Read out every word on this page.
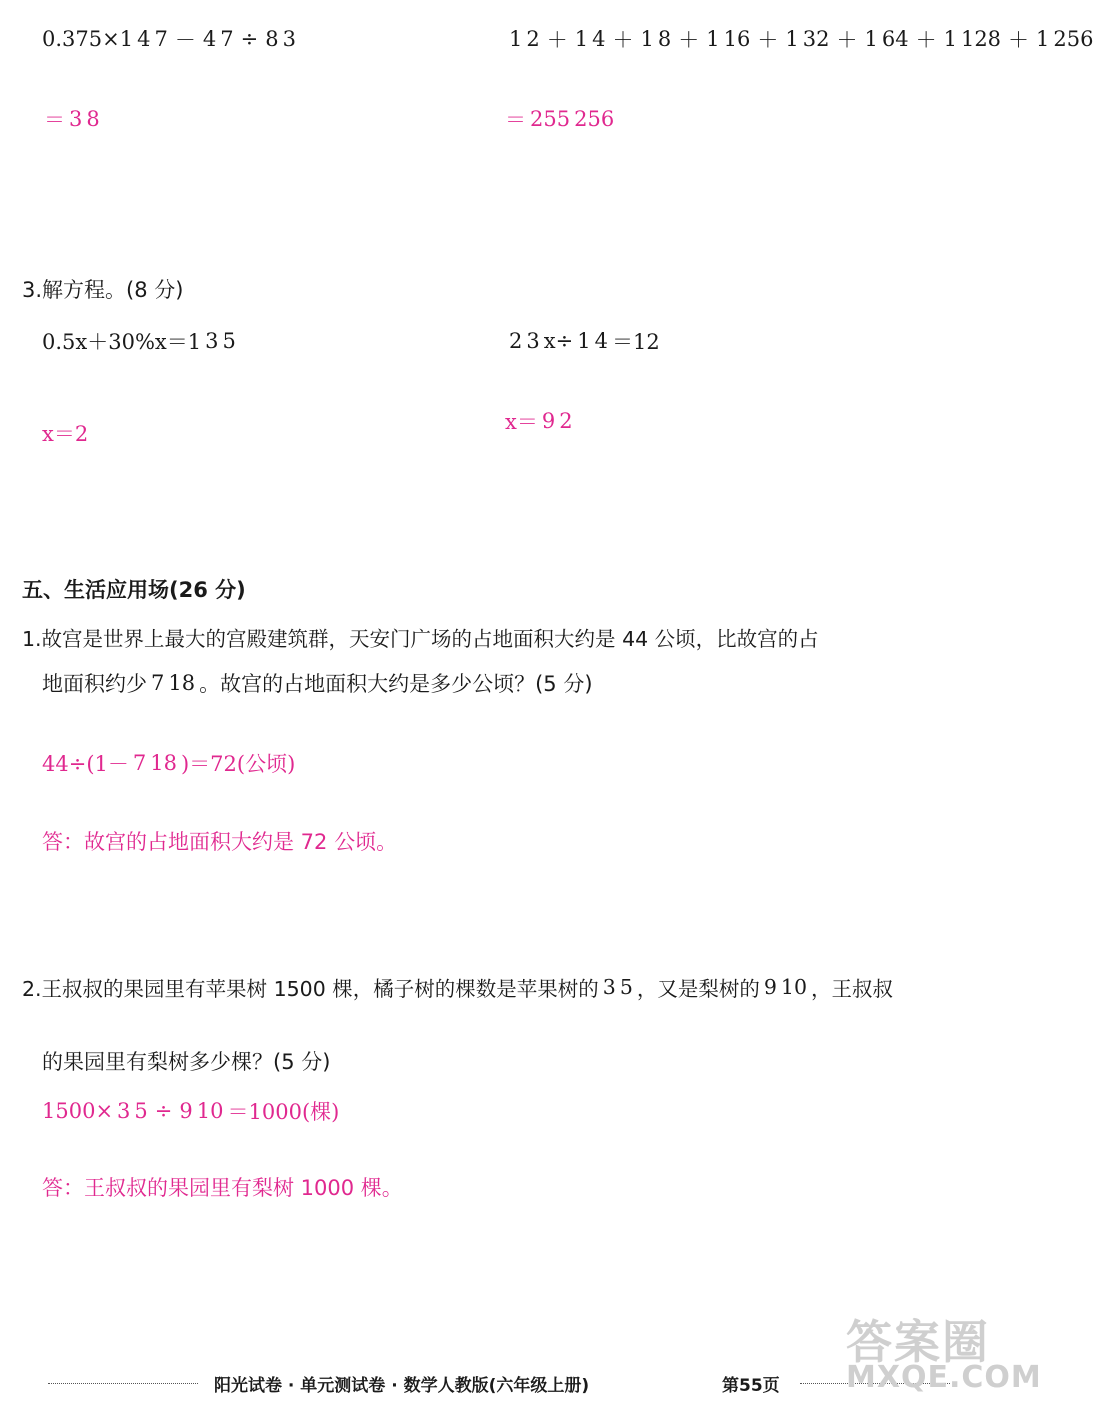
0.375×1 4 7 － 4 7 ÷ 8 3
＝ 3 8
1 2 ＋ 1 4 ＋ 1 8 ＋ 1 16 ＋ 1 32 ＋ 1 64 ＋ 1 128 ＋ 1 256
＝ 255 256
3.解方程。(8 分)
0.5x＋30%x＝1 3 5
x＝2
2 3 x÷ 1 4 ＝12
x＝ 9 2
五、生活应用场(26 分)
1.故宫是世界上最大的宫殿建筑群，天安门广场的占地面积大约是 44 公顷，比故宫的占
地面积约少 7 18 。故宫的占地面积大约是多少公顷？(5 分)
44÷(1－ 7 18 )＝72(公顷)
答：故宫的占地面积大约是 72 公顷。
2.王叔叔的果园里有苹果树 1500 棵，橘子树的棵数是苹果树的 3 5 ，又是梨树的 9 10 ，王叔叔
的果园里有梨树多少棵？(5 分)
1500× 3 5 ÷ 9 10 ＝1000(棵)
答：王叔叔的果园里有梨树 1000 棵。
阳光试卷 · 单元测试卷 · 数学人教版(六年级上册)	第55页
答案圈
MXQE.COM
